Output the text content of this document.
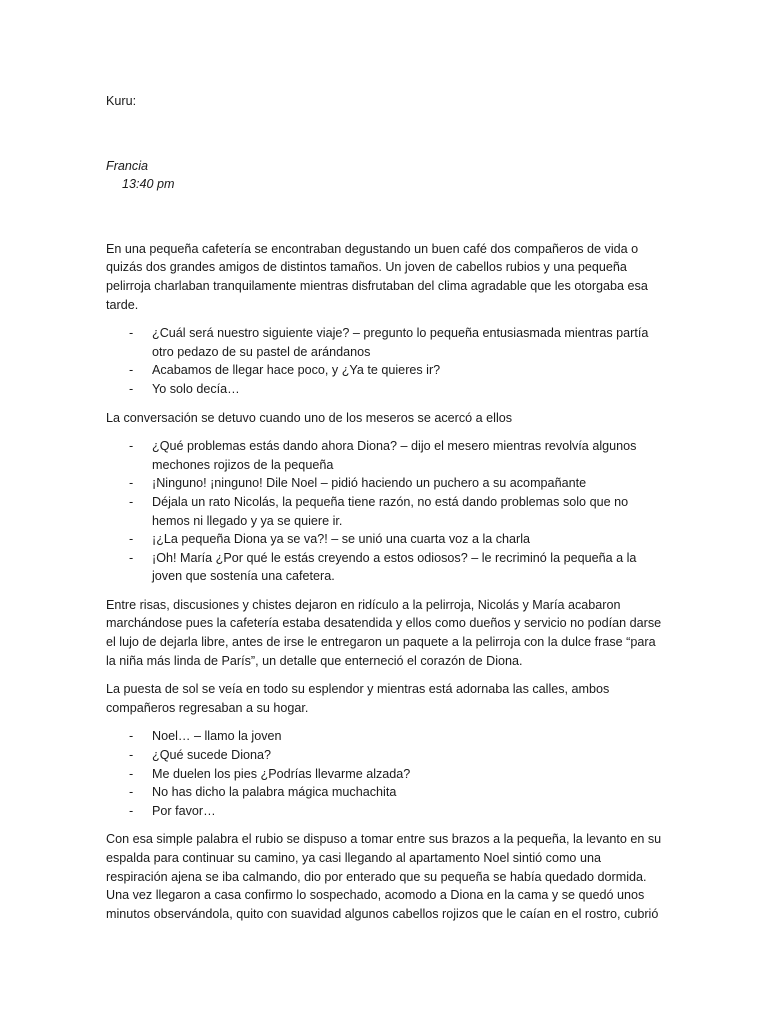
Kuru:

Francia

13:40 pm

En una pequeña cafetería se encontraban degustando un buen café dos compañeros de vida o quizás dos grandes amigos de distintos tamaños. Un joven de cabellos rubios y una pequeña pelirroja charlaban tranquilamente mientras disfrutaban del clima agradable que les otorgaba esa tarde.

- ¿Cuál será nuestro siguiente viaje? – pregunto lo pequeña entusiasmada mientras partía otro pedazo de su pastel de arándanos
- Acabamos de llegar hace poco, y ¿Ya te quieres ir?
- Yo solo decía…

La conversación se detuvo cuando uno de los meseros se acercó a ellos

- ¿Qué problemas estás dando ahora Diona? – dijo el mesero mientras revolvía algunos mechones rojizos de la pequeña
- ¡Ninguno! ¡ninguno! Dile Noel – pidió haciendo un puchero a su acompañante
- Déjala un rato Nicolás, la pequeña tiene razón, no está dando problemas solo que no hemos ni llegado y ya se quiere ir.
- ¡¿La pequeña Diona ya se va?! – se unió una cuarta voz a la charla
- ¡Oh! María ¿Por qué le estás creyendo a estos odiosos? – le recriminó la pequeña a la joven que sostenía una cafetera.

Entre risas, discusiones y chistes dejaron en ridículo a la pelirroja, Nicolás y María acabaron marchándose pues la cafetería estaba desatendida y ellos como dueños y servicio no podían darse el lujo de dejarla libre, antes de irse le entregaron un paquete a la pelirroja con la dulce frase “para la niña más linda de París”, un detalle que enterneció el corazón de Diona.

La puesta de sol se veía en todo su esplendor y mientras está adornaba las calles, ambos compañeros regresaban a su hogar.

- Noel… – llamo la joven
- ¿Qué sucede Diona?
- Me duelen los pies ¿Podrías llevarme alzada?
- No has dicho la palabra mágica muchachita
- Por favor…

Con esa simple palabra el rubio se dispuso a tomar entre sus brazos a la pequeña, la levanto en su espalda para continuar su camino, ya casi llegando al apartamento Noel sintió como una respiración ajena se iba calmando, dio por enterado que su pequeña se había quedado dormida. Una vez llegaron a casa confirmo lo sospechado, acomodo a Diona en la cama y se quedó unos minutos observándola, quito con suavidad algunos cabellos rojizos que le caían en el rostro, cubrió
